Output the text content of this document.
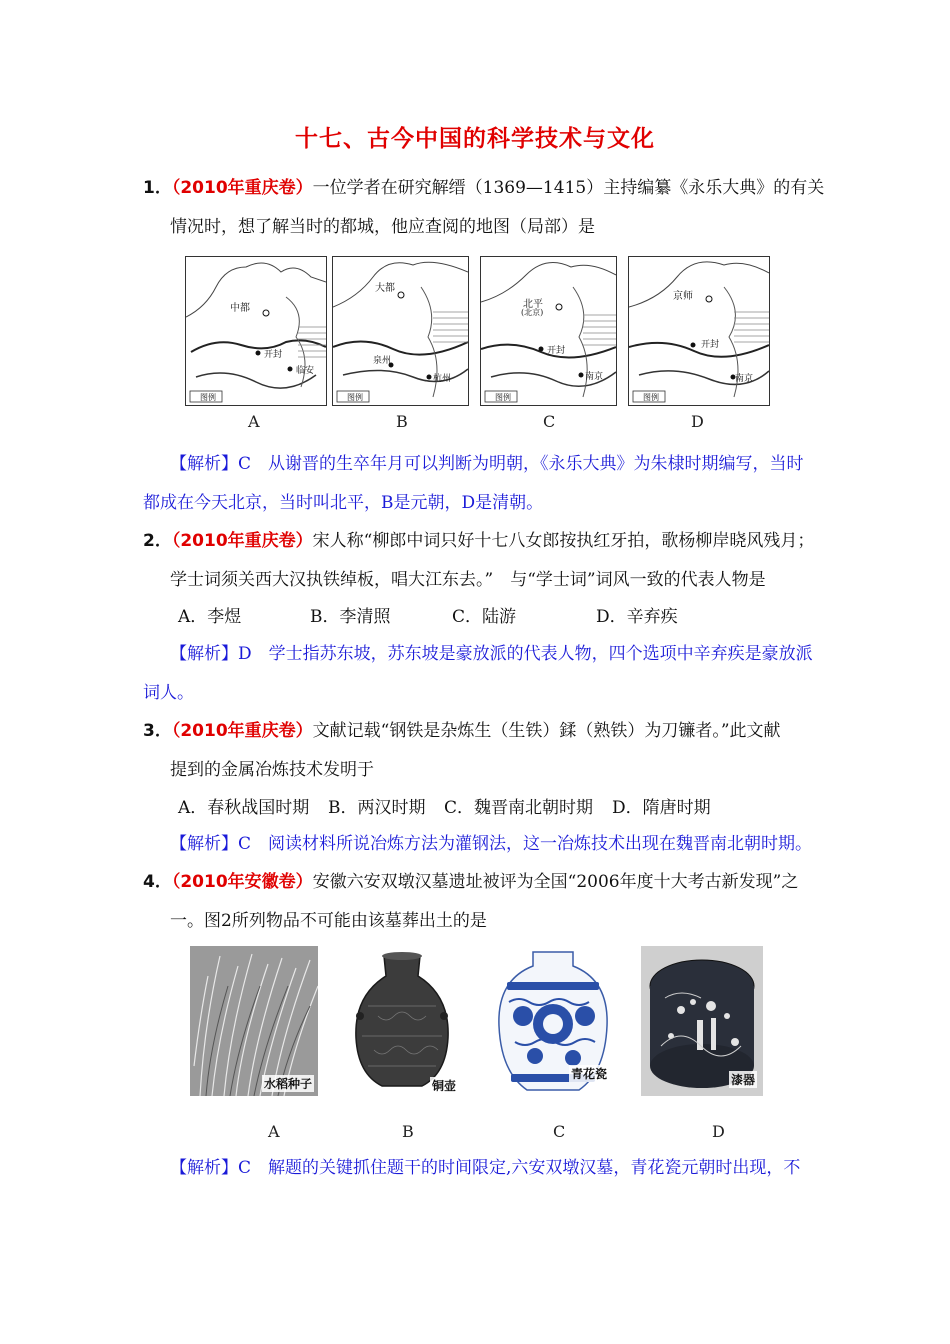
十七、古今中国的科学技术与文化
1．（2010年重庆卷）一位学者在研究解缙（1369—1415）主持编纂《永乐大典》的有关
情况时，想了解当时的都城，他应查阅的地图（局部）是
中都
开封
临安
图例
大都
泉州
杭州
图例
北平
(北京)
开封
南京
图例
京师
开封
南京
图例
A	B	C	D
【解析】C　从谢晋的生卒年月可以判断为明朝，《永乐大典》为朱棣时期编写，当时
都成在今天北京，当时叫北平，B是元朝，D是清朝。
2．（2010年重庆卷）宋人称“柳郎中词只好十七八女郎按执红牙拍，歌杨柳岸晓风残月；
学士词须关西大汉执铁绰板，唱大江东去。”　与“学士词”词风一致的代表人物是
A．李煜	B．李清照	C．陆游	D．辛弃疾
【解析】D　学士指苏东坡，苏东坡是豪放派的代表人物，四个选项中辛弃疾是豪放派
词人。
3．（2010年重庆卷）文献记载“钢铁是杂炼生（生铁）鍒（熟铁）为刀镰者。”此文献
提到的金属冶炼技术发明于
A．春秋战国时期 B．两汉时期 C．魏晋南北朝时期 D．隋唐时期
【解析】C　阅读材料所说冶炼方法为灌钢法，这一冶炼技术出现在魏晋南北朝时期。
4．（2010年安徽卷）安徽六安双墩汉墓遗址被评为全国“2006年度十大考古新发现”之
一。图2所列物品不可能由该墓葬出土的是
水稻种子	铜壶
青花瓷	漆器
A	B	C	D
【解析】C　解题的关键抓住题干的时间限定,六安双墩汉墓，青花瓷元朝时出现，不
